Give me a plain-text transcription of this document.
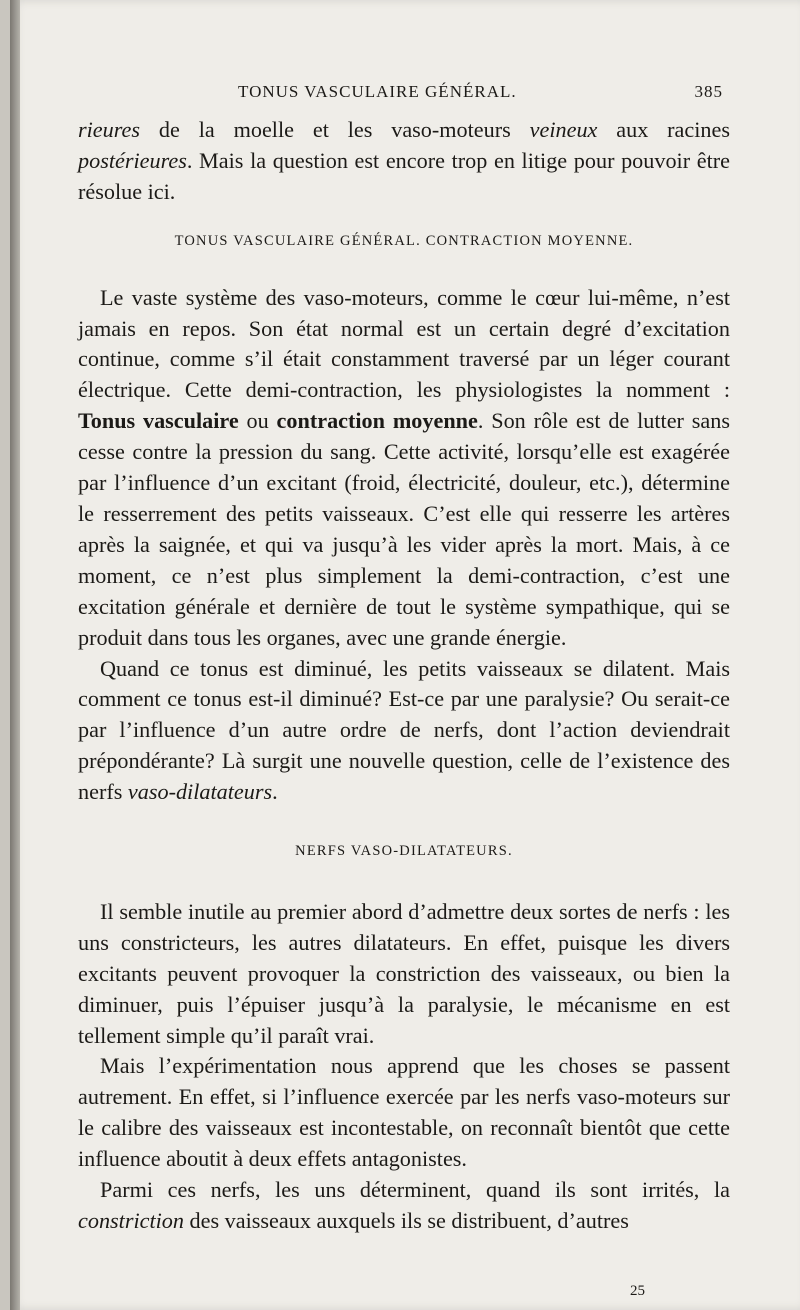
TONUS VASCULAIRE GÉNÉRAL.	385

rieures de la moelle et les vaso-moteurs veineux aux racines postérieures. Mais la question est encore trop en litige pour pouvoir être résolue ici.

TONUS VASCULAIRE GÉNÉRAL. CONTRACTION MOYENNE.

Le vaste système des vaso-moteurs, comme le cœur lui-même, n’est jamais en repos. Son état normal est un certain degré d’excitation continue, comme s’il était constamment traversé par un léger courant électrique. Cette demi-contraction, les physiologistes la nomment : Tonus vasculaire ou contraction moyenne. Son rôle est de lutter sans cesse contre la pression du sang. Cette activité, lorsqu’elle est exagérée par l’influence d’un excitant (froid, électricité, douleur, etc.), détermine le resserrement des petits vaisseaux. C’est elle qui resserre les artères après la saignée, et qui va jusqu’à les vider après la mort. Mais, à ce moment, ce n’est plus simplement la demi-contraction, c’est une excitation générale et dernière de tout le système sympathique, qui se produit dans tous les organes, avec une grande énergie.

Quand ce tonus est diminué, les petits vaisseaux se dilatent. Mais comment ce tonus est-il diminué? Est-ce par une paralysie? Ou serait-ce par l’influence d’un autre ordre de nerfs, dont l’action deviendrait prépondérante? Là surgit une nouvelle question, celle de l’existence des nerfs vaso-dilatateurs.

NERFS VASO-DILATATEURS.

Il semble inutile au premier abord d’admettre deux sortes de nerfs : les uns constricteurs, les autres dilatateurs. En effet, puisque les divers excitants peuvent provoquer la constriction des vaisseaux, ou bien la diminuer, puis l’épuiser jusqu’à la paralysie, le mécanisme en est tellement simple qu’il paraît vrai.

Mais l’expérimentation nous apprend que les choses se passent autrement. En effet, si l’influence exercée par les nerfs vaso-moteurs sur le calibre des vaisseaux est incontestable, on reconnaît bientôt que cette influence aboutit à deux effets antagonistes.

Parmi ces nerfs, les uns déterminent, quand ils sont irrités, la constriction des vaisseaux auxquels ils se distribuent, d’autres

25
